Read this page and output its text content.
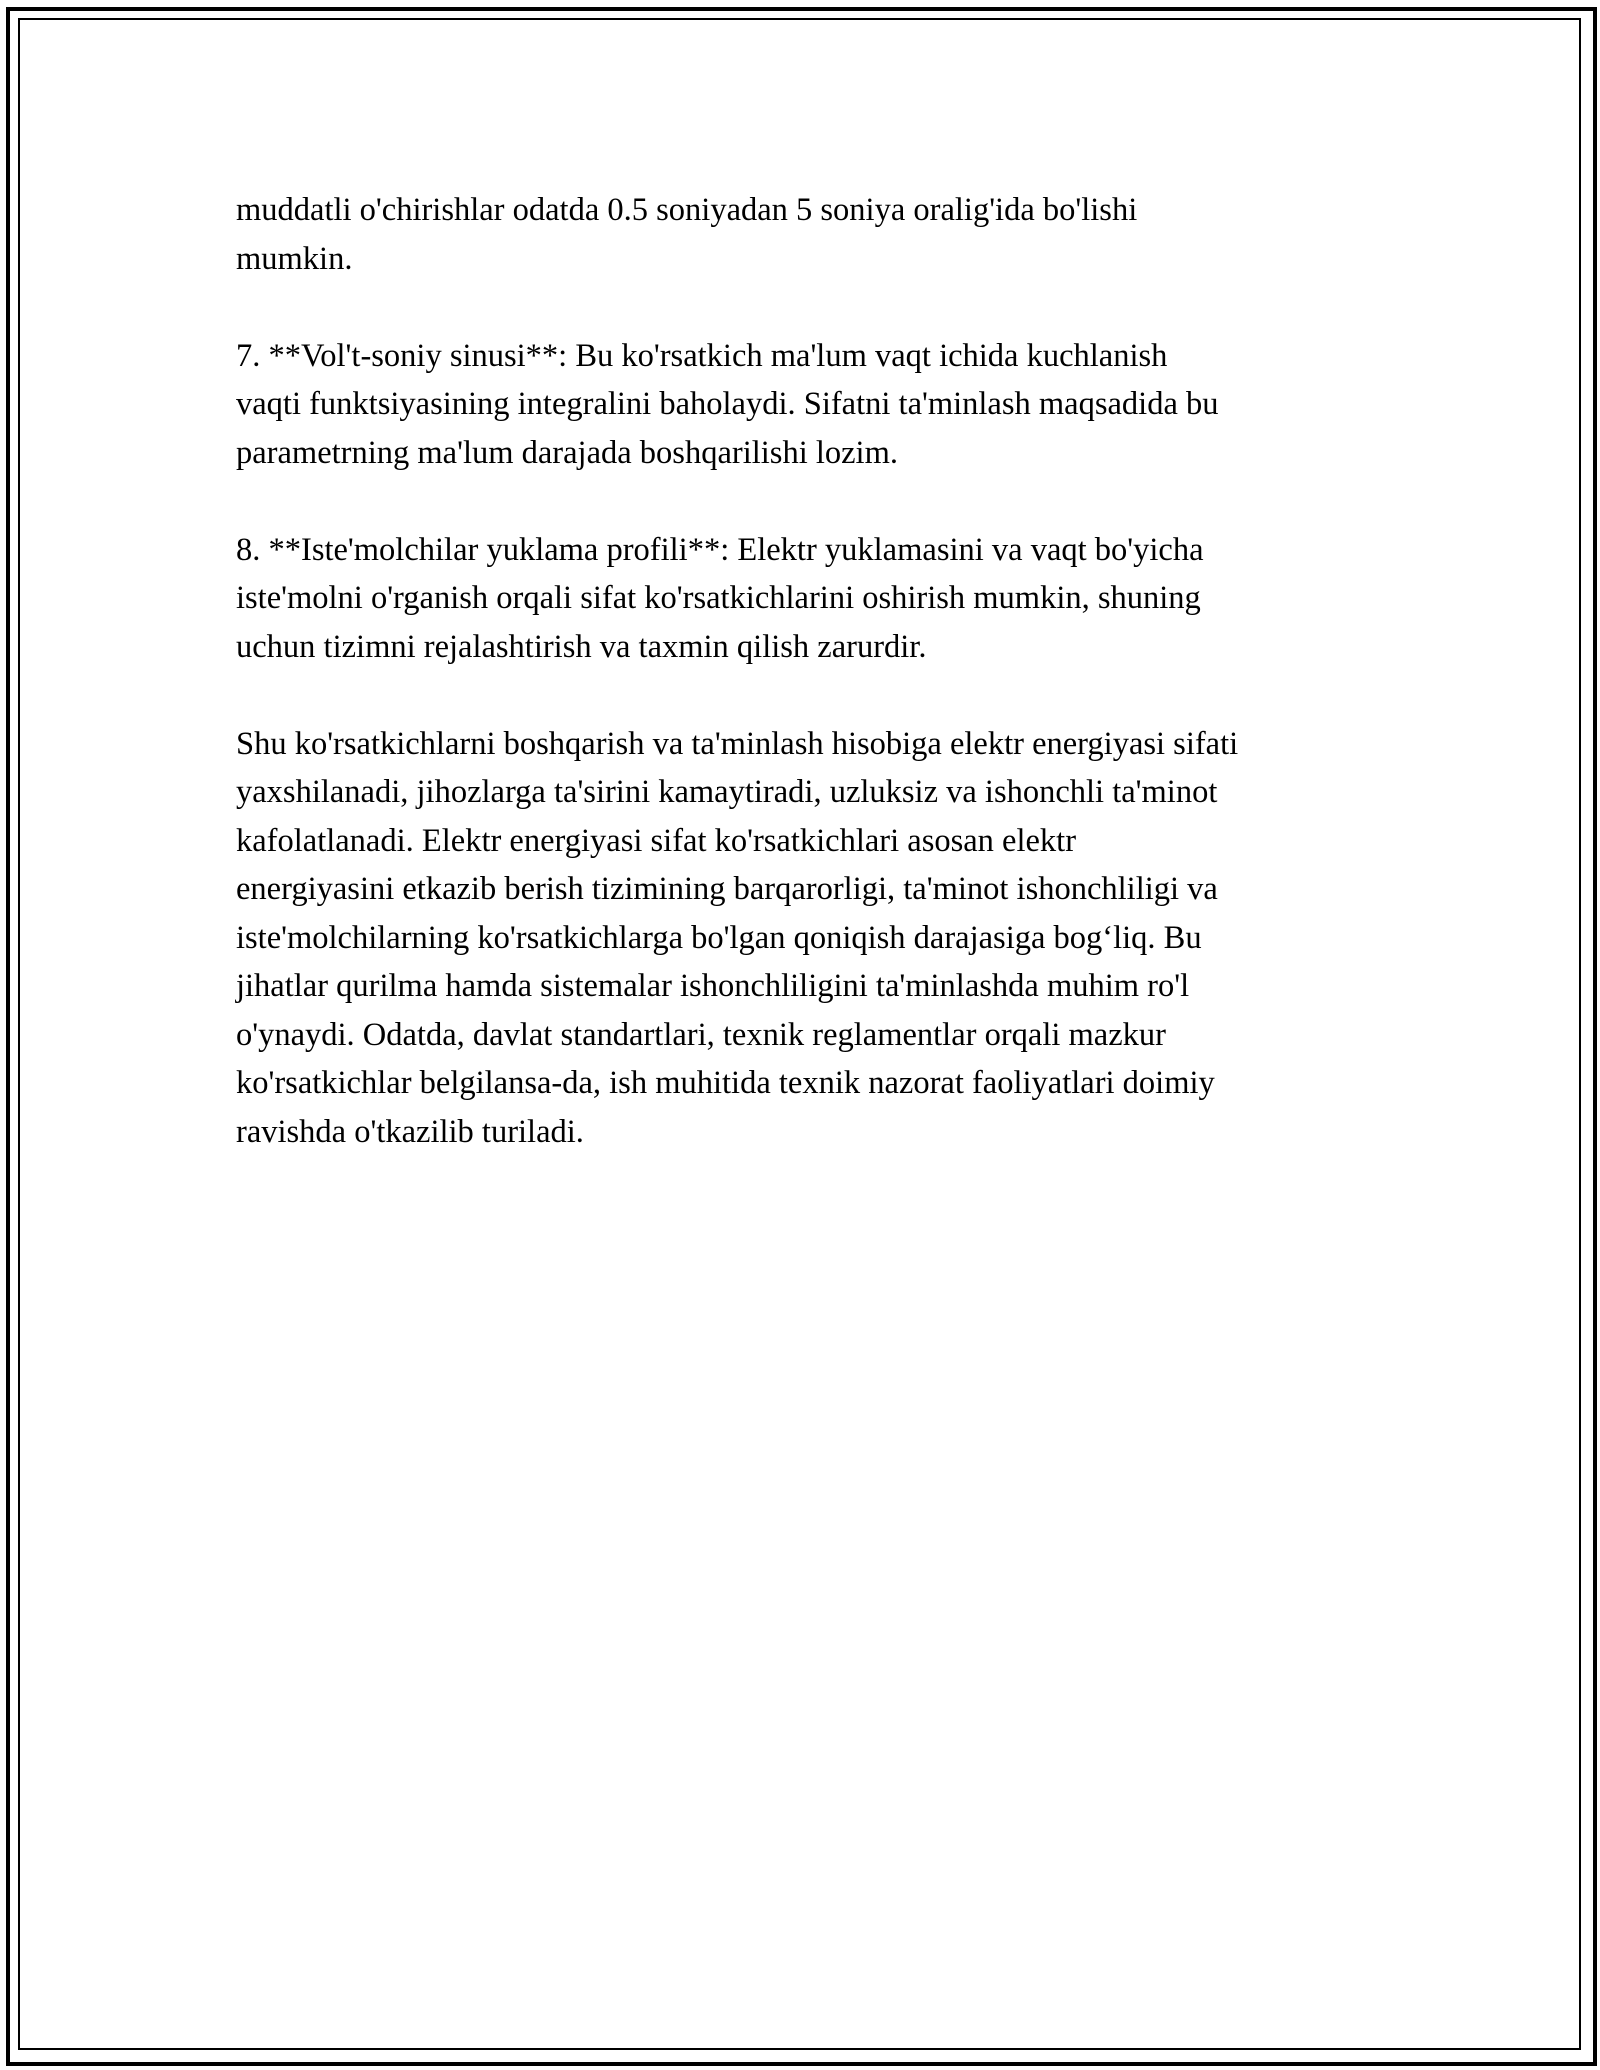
muddatli o'chirishlar odatda 0.5 soniyadan 5 soniya oralig'ida bo'lishi
mumkin.

7. **Vol't-soniy sinusi**: Bu ko'rsatkich ma'lum vaqt ichida kuchlanish
vaqti funktsiyasining integralini baholaydi. Sifatni ta'minlash maqsadida bu
parametrning ma'lum darajada boshqarilishi lozim.

8. **Iste'molchilar yuklama profili**: Elektr yuklamasini va vaqt bo'yicha
iste'molni o'rganish orqali sifat ko'rsatkichlarini oshirish mumkin, shuning
uchun tizimni rejalashtirish va taxmin qilish zarurdir.

Shu ko'rsatkichlarni boshqarish va ta'minlash hisobiga elektr energiyasi sifati
yaxshilanadi, jihozlarga ta'sirini kamaytiradi, uzluksiz va ishonchli ta'minot
kafolatlanadi. Elektr energiyasi sifat ko'rsatkichlari asosan elektr
energiyasini etkazib berish tizimining barqarorligi, ta'minot ishonchliligi va
iste'molchilarning ko'rsatkichlarga bo'lgan qoniqish darajasiga bog‘liq. Bu
jihatlar qurilma hamda sistemalar ishonchliligini ta'minlashda muhim ro'l
o'ynaydi. Odatda, davlat standartlari, texnik reglamentlar orqali mazkur
ko'rsatkichlar belgilansa-da, ish muhitida texnik nazorat faoliyatlari doimiy
ravishda o'tkazilib turiladi.
